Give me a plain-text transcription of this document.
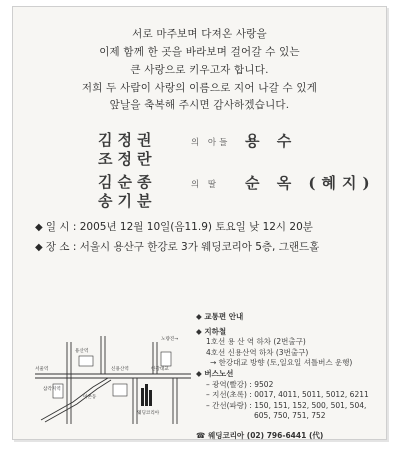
서로 마주보며 다져온 사랑을
이제 함께 한 곳을 바라보며 걸어갈 수 있는
큰 사랑으로 키우고자 합니다.
저희 두 사람이 사랑의 이름으로 지어 나갈 수 있게
앞날을 축복해 주시면 감사하겠습니다.
김정권
조정란
의 아들 용 수
김순종
송기분
의 딸 순 옥 (혜지)
◆ 일 시 : 2005년 12월 10일(음11.9) 토요일 낮 12시 20분
◆ 장 소 : 서울시 용산구 한강로 3가 웨딩코리아 5층, 그랜드홀
◆ 교통편 안내
◆ 지하철
1호선 용 산 역 하차 (2번출구)
4호선 신용산역 하차 (3번출구)
→ 한강대교 방향 (토,일요일 셔틀버스 운행)
◆ 버스노선
– 광역(빨강) : 9502
– 지선(초록) : 0017, 4011, 5011, 5012, 6211
– 간선(파랑) : 150, 151, 152, 500, 501, 504,
605, 750, 751, 752
☎ 웨딩코리아 (02) 796-6441 (代)
삼각지역
용산역
신용산역
웨딩코리아
한강대교
서울역
이촌동
노량진→
